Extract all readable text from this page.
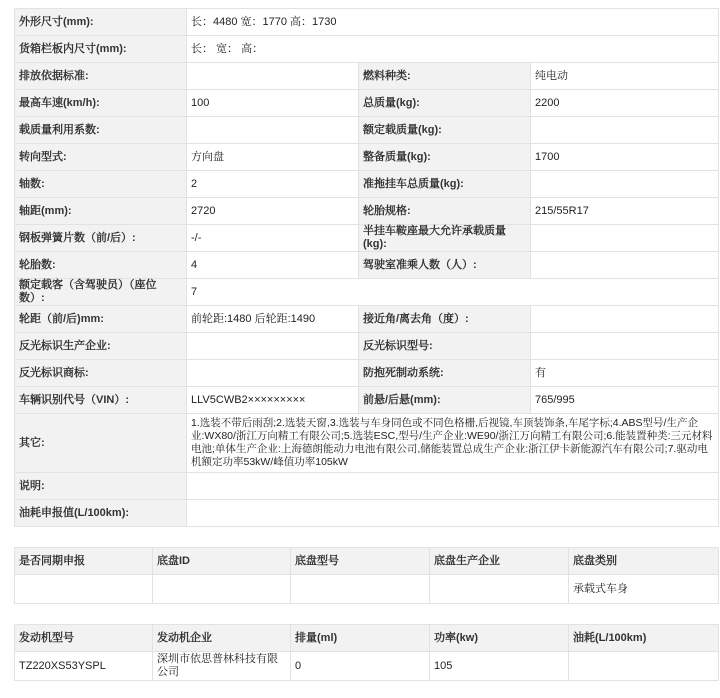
外形尺寸(mm):	长：4480 宽：1770 高：1730		
货箱栏板内尺寸(mm):	长： 宽： 高：		
排放依据标准:		燃料种类:	纯电动
最高车速(km/h):	100	总质量(kg):	2200
载质量利用系数:		额定载质量(kg):	
转向型式:	方向盘	整备质量(kg):	1700
轴数:	2	准拖挂车总质量(kg):	
轴距(mm):	2720	轮胎规格:	215/55R17
钢板弹簧片数（前/后）:	-/-	半挂车鞍座最大允许承载质量(kg):	
轮胎数:	4	驾驶室准乘人数（人）:	
额定载客（含驾驶员）（座位数）:	7		
轮距（前/后)mm:	前轮距:1480 后轮距:1490	接近角/离去角（度）:	
反光标识生产企业:		反光标识型号:	
反光标识商标:		防抱死制动系统:	有
车辆识别代号（VIN）:	LLV5CWB2×××××××××	前悬/后悬(mm):	765/995
其它:	1.选装不带后雨刮;2.选装天窗,3.选装与车身同色或不同色格栅,后视镜,车顶装饰条,车尾字标;4.ABS型号/生产企业:WX80/浙江万向精工有限公司;5.选装ESC,型号/生产企业:WE90/浙江万向精工有限公司;6.能装置种类:三元材料电池;单体生产企业:上海德朗能动力电池有限公司,储能装置总成生产企业:浙江伊卡新能源汽车有限公司;7.驱动电机额定功率53kW/峰值功率105kW		
说明:			
油耗申报值(L/100km):			
是否同期申报	底盘ID	底盘型号	底盘生产企业	底盘类别
				承载式车身
发动机型号	发动机企业	排量(ml)	功率(kw)	油耗(L/100km)
TZ220XS53YSPL	深圳市依思普林科技有限公司	0	105	
